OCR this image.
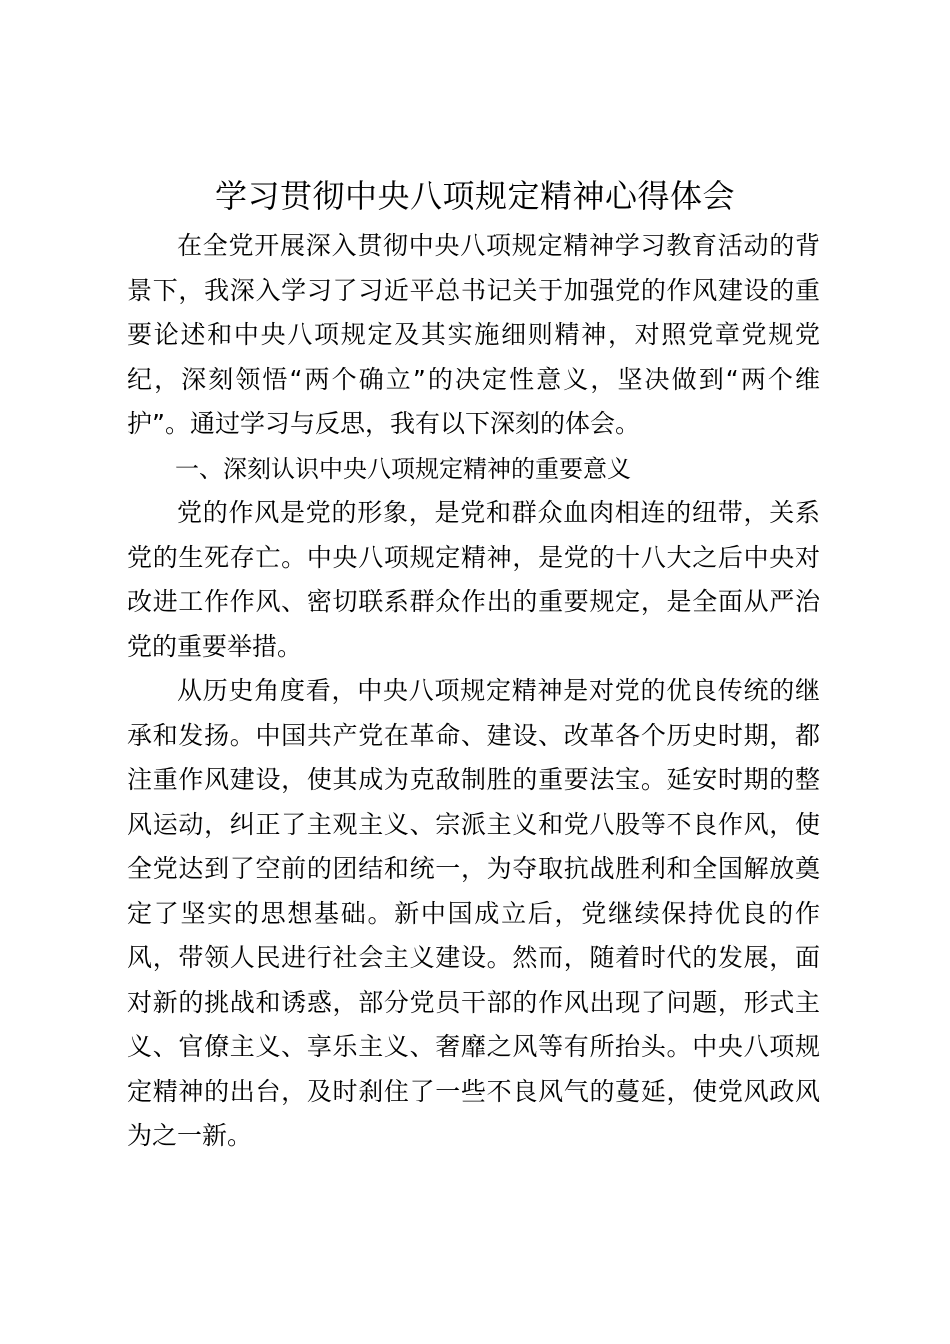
学习贯彻中央八项规定精神心得体会

在全党开展深入贯彻中央八项规定精神学习教育活动的背景下，我深入学习了习近平总书记关于加强党的作风建设的重要论述和中央八项规定及其实施细则精神，对照党章党规党纪，深刻领悟“两个确立”的决定性意义，坚决做到“两个维护”。通过学习与反思，我有以下深刻的体会。

一、深刻认识中央八项规定精神的重要意义

党的作风是党的形象，是党和群众血肉相连的纽带，关系党的生死存亡。中央八项规定精神，是党的十八大之后中央对改进工作作风、密切联系群众作出的重要规定，是全面从严治党的重要举措。

从历史角度看，中央八项规定精神是对党的优良传统的继承和发扬。中国共产党在革命、建设、改革各个历史时期，都注重作风建设，使其成为克敌制胜的重要法宝。延安时期的整风运动，纠正了主观主义、宗派主义和党八股等不良作风，使全党达到了空前的团结和统一，为夺取抗战胜利和全国解放奠定了坚实的思想基础。新中国成立后，党继续保持优良的作风，带领人民进行社会主义建设。然而，随着时代的发展，面对新的挑战和诱惑，部分党员干部的作风出现了问题，形式主义、官僚主义、享乐主义、奢靡之风等有所抬头。中央八项规定精神的出台，及时刹住了一些不良风气的蔓延，使党风政风为之一新。
